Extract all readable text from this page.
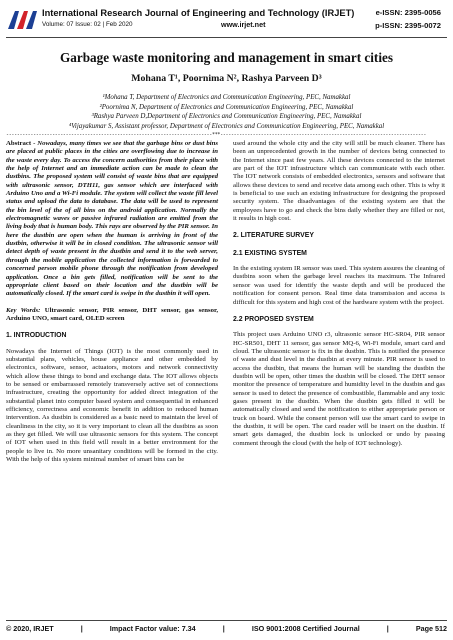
International Research Journal of Engineering and Technology (IRJET)
Volume: 07 Issue: 02 | Feb 2020	www.irjet.net
e-ISSN: 2395-0056
p-ISSN: 2395-0072
Garbage waste monitoring and management in smart cities
Mohana T¹, Poornima N², Rashya Parveen D³
¹Mohana T, Department of Electronics and Communication Engineering, PEC, Namakkal
²Poornima N, Department of Electronics and Communication Engineering, PEC, Namakkal
³Rashya Parveen D,Department of Electronics and Communication Engineering, PEC, Namakkal
⁴Vijayakumar S, Assistant professor, Department of Electronics and Communication Engineering, PEC, Namakkal
----------------------------------------------------------------------------***----------------------------------------------------------------------------
Abstract - Nowadays, many times we see that the garbage bins or dust bins are placed at public places in the cities are overflowing due to increase in the waste every day. To access the concern authorities from their place with the help of Internet and an immediate action can be made to clean the dustbins. The proposed system will consist of waste bins that are equipped with ultrasonic sensor, DTH11, gas sensor which are interfaced with Arduino Uno and a Wi-Fi module. The system will collect the waste fill level status and upload the data to database. The data will be used to represent the bin level of the of all bins on the android application. Normally the electromagnetic waves or passive infrared radiation are emitted from the living body that is human body. This rays are observed by the PIR sensor. In here the dustbin are open when the human is arriving in front of the dustbin, otherwise it will be in closed condition. The ultrasonic sensor will detect depth of waste present in the dustbin and send it to the web server, through the mobile application the collected information is forwarded to concerned person mobile phone through the notification from developed application. Once a bin gets filled, notification will be sent to the appropriate client based on their location and the dustbin will be automatically closed. If the smart card is swipe in the dustbin it will open.
Key Words: Ultrasonic sensor, PIR sensor, DHT sensor, gas sensor, Arduino UNO, smart card, OLED screen
1. INTRODUCTION
Nowadays the Internet of Things (IOT) is the most commonly used in substantial plans, vehicles, house appliance and other embedded by electronics, software, sensor, actuators, motors and network connectivity which allow these things to bond and exchange data. The IOT allows objects to be sensed or embarrassed remotely transversely active set of connections infrastructure, creating the opportunity for added direct integration of the substantial planet into computer based system and consequential in enhanced efficiency, correctness and economic benefit in addition to reduced human intervention. As dustbin is considered as a basic need to maintain the level of cleanliness in the city, so it is very important to clean all the dustbins as soon as they get filled. We will use ultrasonic sensors for this system. The concept of IOT when used in this field will result in a better environment for the people to live in. No more unsanitary conditions will be formed in the city. With the help of this system minimal number of smart bins can be
used around the whole city and the city will still be much cleaner. There has been an unprecedented growth in the number of devices being connected to the Internet since past few years. All these devices connected to the internet are part of the IOT infrastructure which can communicate with each other. The IOT network consists of embedded electronics, sensors and software that allows these devices to send and receive data among each other. This is why it is beneficial to use such an existing infrastructure for designing the proposed security system. The disadvantages of the existing system are that the employees have to go and check the bins daily whether they are filled or not, it results in high cost.
2. LITERATURE SURVEY
2.1 EXISTING SYSTEM
In the existing system IR sensor was used. This system assures the cleaning of dustbins soon when the garbage level reaches its maximum. The Infrared sensor was used for identify the waste depth and will be produced the notification for consent person. Real time data transmission and access is difficult for this system and high cost of the hardware system with the project.
2.2 PROPOSED SYSTEM
This project uses Arduino UNO r3, ultrasonic sensor HC-SR04, PIR sensor HC-SR501, DHT 11 sensor, gas sensor MQ-6, Wi-Fi module, smart card and cloud. The ultrasonic sensor is fix in the dustbin. This is notified the presence of waste and dust level in the dustbin at every minute. PIR sensor is used to access the dustbin, that means the human will be standing the dustbin the dustbin will be open, other times the dustbin will be closed. The DHT sensor monitor the presence of temperature and humidity level in the dustbin and gas sensor is used to detect the presence of combustible, flammable and any toxic gases present in the dustbin. When the dustbin gets filled it will be automatically closed and send the notification to either appropriate person or truck on board. While the consent person will use the smart card to swipe in the dustbin, it will be open. The card reader will be insert on the dustbin. If smart gets damaged, the dustbin lock is unlocked or undo by passing comment through the cloud (with the help of IOT technology).
© 2020, IRJET	|	Impact Factor value: 7.34	|	ISO 9001:2008 Certified Journal	|	Page 512
